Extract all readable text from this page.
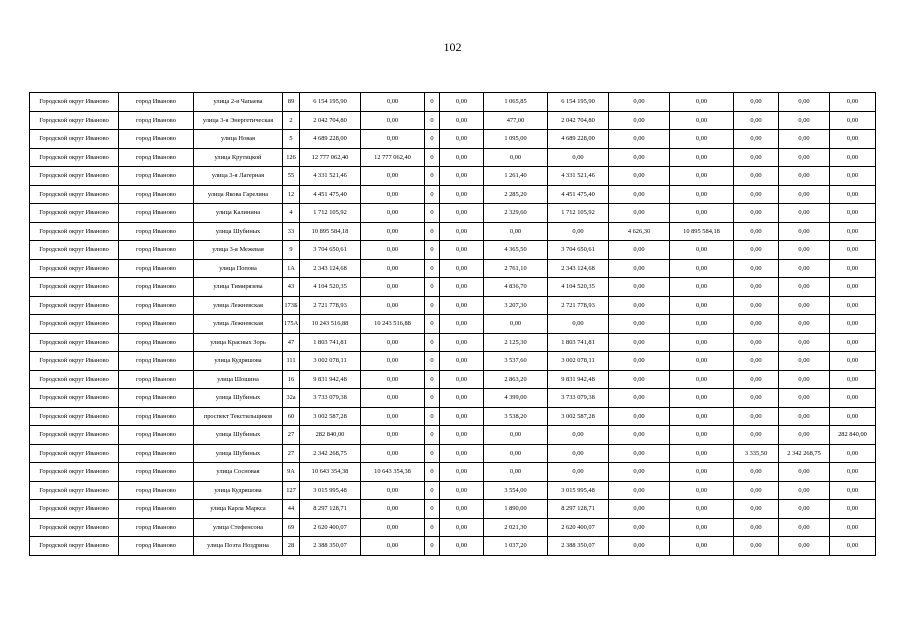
102
Городской округ Иваново	город Иваново	улица 2-я Чапаева	89	6 154 195,90	0,00	0	0,00	1 065,85	6 154 195,90	0,00	0,00	0,00	0,00	0,00
Городской округ Иваново	город Иваново	улица 3-я Энергетическая	2	2 042 704,80	0,00	0	0,00	477,00	2 042 704,80	0,00	0,00	0,00	0,00	0,00
Городской округ Иваново	город Иваново	улица Новая	5	4 689 228,00	0,00	0	0,00	1 095,00	4 689 228,00	0,00	0,00	0,00	0,00	0,00
Городской округ Иваново	город Иваново	улица Крутицкой	126	12 777 062,40	12 777 062,40	0	0,00	0,00	0,00	0,00	0,00	0,00	0,00	0,00
Городской округ Иваново	город Иваново	улица 3-я Лагерная	55	4 331 521,46	0,00	0	0,00	1 261,40	4 331 521,46	0,00	0,00	0,00	0,00	0,00
Городской округ Иваново	город Иваново	улица Якова Гарелина	12	4 451 475,40	0,00	0	0,00	2 285,20	4 451 475,40	0,00	0,00	0,00	0,00	0,00
Городской округ Иваново	город Иваново	улица Калинина	4	1 712 105,92	0,00	0	0,00	2 329,60	1 712 105,92	0,00	0,00	0,00	0,00	0,00
Городской округ Иваново	город Иваново	улица Шубиных	33	10 895 584,18	0,00	0	0,00	0,00	0,00	4 626,30	10 895 584,18	0,00	0,00	0,00
Городской округ Иваново	город Иваново	улица 3-я Межевая	9	3 704 650,61	0,00	0	0,00	4 365,50	3 704 650,61	0,00	0,00	0,00	0,00	0,00
Городской округ Иваново	город Иваново	улица Попова	1А	2 343 124,68	0,00	0	0,00	2 761,10	2 343 124,68	0,00	0,00	0,00	0,00	0,00
Городской округ Иваново	город Иваново	улица Тимирязева	43	4 104 520,35	0,00	0	0,00	4 836,70	4 104 520,35	0,00	0,00	0,00	0,00	0,00
Городской округ Иваново	город Иваново	улица Лежневская	173Б	2 721 778,93	0,00	0	0,00	3 207,30	2 721 778,93	0,00	0,00	0,00	0,00	0,00
Городской округ Иваново	город Иваново	улица Лежневская	175А	10 243 516,88	10 243 516,88	0	0,00	0,00	0,00	0,00	0,00	0,00	0,00	0,00
Городской округ Иваново	город Иваново	улица Красных Зорь	47	1 803 741,81	0,00	0	0,00	2 125,30	1 803 741,81	0,00	0,00	0,00	0,00	0,00
Городской округ Иваново	город Иваново	улица Кудряшова	111	3 002 078,11	0,00	0	0,00	3 537,60	3 002 078,11	0,00	0,00	0,00	0,00	0,00
Городской округ Иваново	город Иваново	улица Шошина	16	9 831 942,48	0,00	0	0,00	2 863,20	9 831 942,48	0,00	0,00	0,00	0,00	0,00
Городской округ Иваново	город Иваново	улица Шубиных	32а	3 733 079,38	0,00	0	0,00	4 399,00	3 733 079,38	0,00	0,00	0,00	0,00	0,00
Городской округ Иваново	город Иваново	проспект Текстильщиков	60	3 002 587,28	0,00	0	0,00	3 538,20	3 002 587,28	0,00	0,00	0,00	0,00	0,00
Городской округ Иваново	город Иваново	улица Шубиных	27	282 840,00	0,00	0	0,00	0,00	0,00	0,00	0,00	0,00	0,00	282 840,00
Городской округ Иваново	город Иваново	улица Шубиных	27	2 342 268,75	0,00	0	0,00	0,00	0,00	0,00	0,00	3 335,50	2 342 268,75	0,00
Городской округ Иваново	город Иваново	улица Сосновая	9А	10 643 354,38	10 643 354,38	0	0,00	0,00	0,00	0,00	0,00	0,00	0,00	0,00
Городской округ Иваново	город Иваново	улица Кудряшова	127	3 015 995,48	0,00	0	0,00	3 554,00	3 015 995,48	0,00	0,00	0,00	0,00	0,00
Городской округ Иваново	город Иваново	улица Карла Маркса	44	8 297 128,71	0,00	0	0,00	1 890,00	8 297 128,71	0,00	0,00	0,00	0,00	0,00
Городской округ Иваново	город Иваново	улица Стефенсона	69	2 620 400,07	0,00	0	0,00	2 021,30	2 620 400,07	0,00	0,00	0,00	0,00	0,00
Городской округ Иваново	город Иваново	улица Поэта Ноздрина	28	2 388 350,07	0,00	0	0,00	1 037,20	2 388 350,07	0,00	0,00	0,00	0,00	0,00
